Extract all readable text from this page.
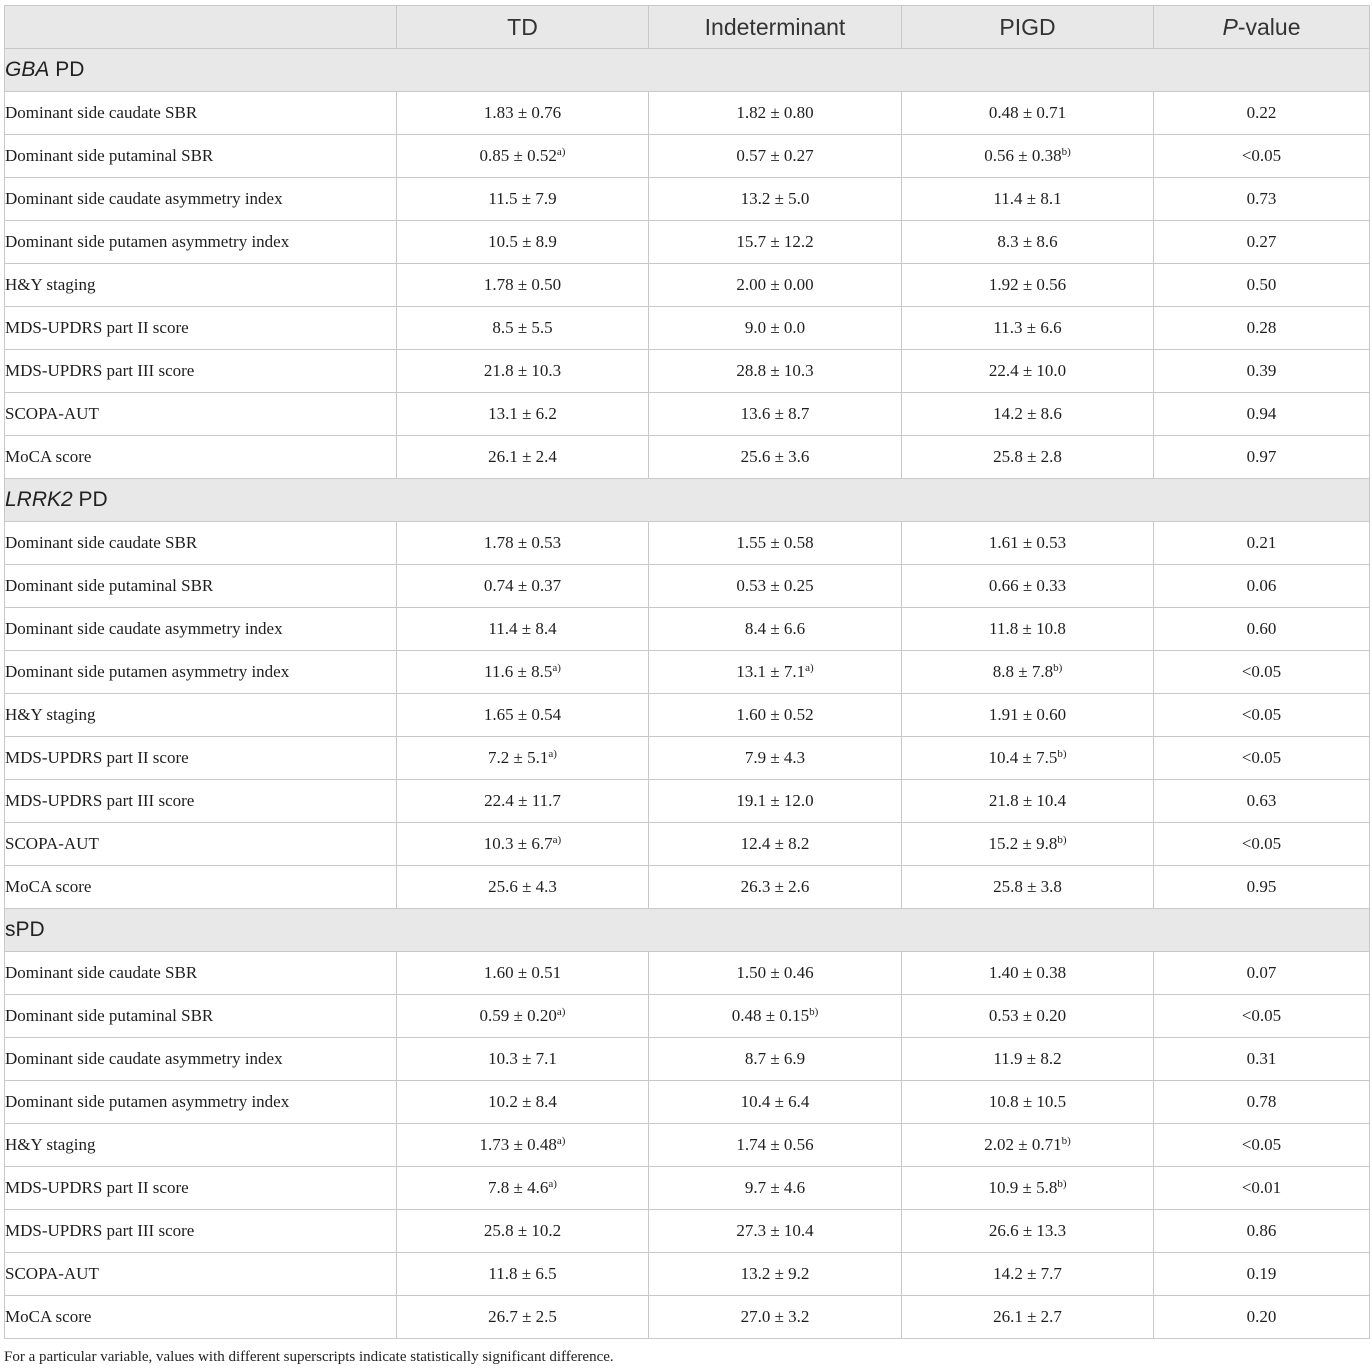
	TD	Indeterminant	PIGD	P-value
GBA PD				
Dominant side caudate SBR	1.83 ± 0.76	1.82 ± 0.80	0.48 ± 0.71	0.22
Dominant side putaminal SBR	$0.85 \pm 0.52^{a)}$	0.57 ± 0.27	$0.56 \pm 0.38^{b)}$	<0.05
Dominant side caudate asymmetry index	11.5 ± 7.9	13.2 ± 5.0	11.4 ± 8.1	0.73
Dominant side putamen asymmetry index	10.5 ± 8.9	15.7 ± 12.2	8.3 ± 8.6	0.27
H&Y staging	1.78 ± 0.50	2.00 ± 0.00	1.92 ± 0.56	0.50
MDS-UPDRS part II score	8.5 ± 5.5	9.0 ± 0.0	11.3 ± 6.6	0.28
MDS-UPDRS part III score	21.8 ± 10.3	28.8 ± 10.3	22.4 ± 10.0	0.39
SCOPA-AUT	13.1 ± 6.2	13.6 ± 8.7	14.2 ± 8.6	0.94
MoCA score	26.1 ± 2.4	25.6 ± 3.6	25.8 ± 2.8	0.97
LRRK2 PD				
Dominant side caudate SBR	1.78 ± 0.53	1.55 ± 0.58	1.61 ± 0.53	0.21
Dominant side putaminal SBR	0.74 ± 0.37	0.53 ± 0.25	0.66 ± 0.33	0.06
Dominant side caudate asymmetry index	11.4 ± 8.4	8.4 ± 6.6	11.8 ± 10.8	0.60
Dominant side putamen asymmetry index	$11.6 \pm 8.5^{a)}$	$13.1 \pm 7.1^{a)}$	$8.8 \pm 7.8^{b)}$	<0.05
H&Y staging	1.65 ± 0.54	1.60 ± 0.52	1.91 ± 0.60	<0.05
MDS-UPDRS part II score	$7.2 \pm 5.1^{a)}$	7.9 ± 4.3	$10.4 \pm 7.5^{b)}$	<0.05
MDS-UPDRS part III score	22.4 ± 11.7	19.1 ± 12.0	21.8 ± 10.4	0.63
SCOPA-AUT	$10.3 \pm 6.7^{a)}$	12.4 ± 8.2	$15.2 \pm 9.8^{b)}$	<0.05
MoCA score	25.6 ± 4.3	26.3 ± 2.6	25.8 ± 3.8	0.95
sPD				
Dominant side caudate SBR	1.60 ± 0.51	1.50 ± 0.46	1.40 ± 0.38	0.07
Dominant side putaminal SBR	$0.59 \pm 0.20^{a)}$	$0.48 \pm 0.15^{b)}$	0.53 ± 0.20	<0.05
Dominant side caudate asymmetry index	10.3 ± 7.1	8.7 ± 6.9	11.9 ± 8.2	0.31
Dominant side putamen asymmetry index	10.2 ± 8.4	10.4 ± 6.4	10.8 ± 10.5	0.78
H&Y staging	$1.73 \pm 0.48^{a)}$	1.74 ± 0.56	$2.02 \pm 0.71^{b)}$	<0.05
MDS-UPDRS part II score	$7.8 \pm 4.6^{a)}$	9.7 ± 4.6	$10.9 \pm 5.8^{b)}$	<0.01
MDS-UPDRS part III score	25.8 ± 10.2	27.3 ± 10.4	26.6 ± 13.3	0.86
SCOPA-AUT	11.8 ± 6.5	13.2 ± 9.2	14.2 ± 7.7	0.19
MoCA score	26.7 ± 2.5	27.0 ± 3.2	26.1 ± 2.7	0.20
For a particular variable, values with different superscripts indicate statistically significant difference.
